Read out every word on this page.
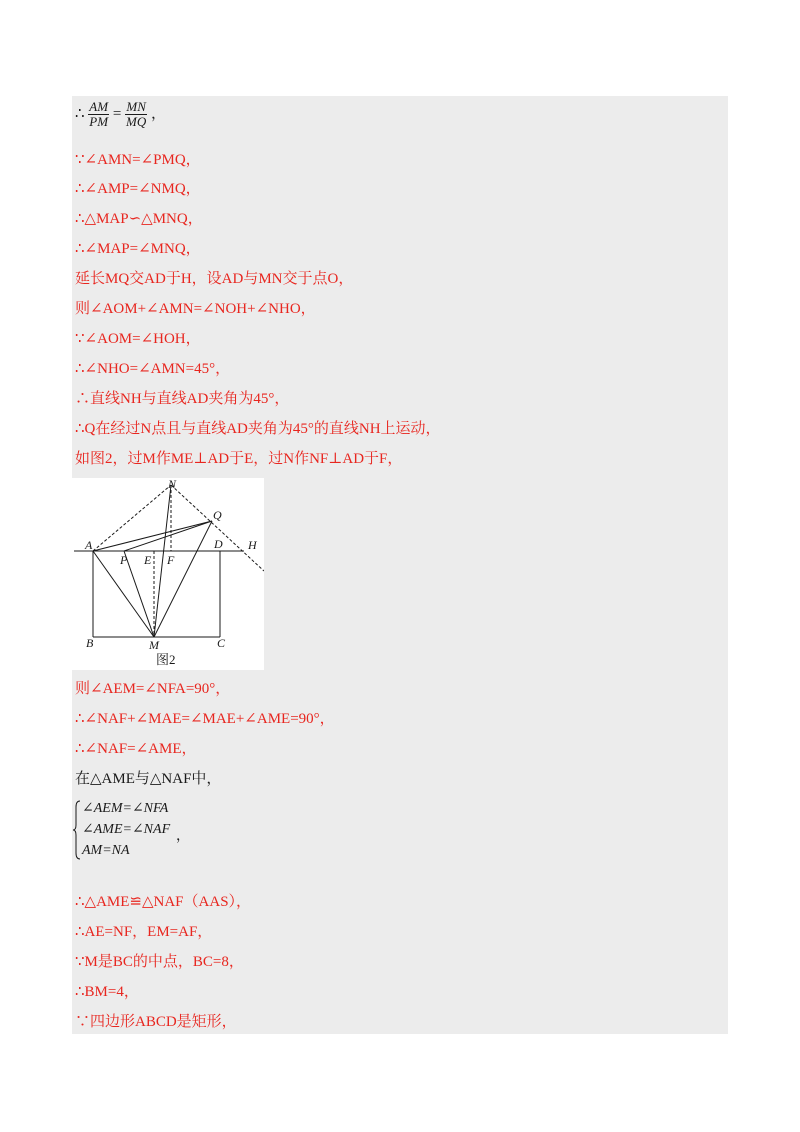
∴ $\frac{AM}{PM} = \frac{MN}{MQ}$ ，
∵∠AMN=∠PMQ，
∴∠AMP=∠NMQ，
∴△MAP∽△MNQ，
∴∠MAP=∠MNQ，
延长MQ交AD于H，设AD与MN交于点O，
则∠AOM+∠AMN=∠NOH+∠NHO，
∵∠AOM=∠HOH，
∴∠NHO=∠AMN=45°，
∴直线NH与直线AD夹角为45°，
∴Q在经过N点且与直线AD夹角为45°的直线NH上运动，
如图2，过M作ME⊥AD于E，过N作NF⊥AD于F，
N
Q
A	D H
P E F
B	M	C
图2
则∠AEM=∠NFA=90°，
∴∠NAF+∠MAE=∠MAE+∠AME=90°，
∴∠NAF=∠AME，
在△AME与△NAF中，
∠AEM=∠NFA
∠AME=∠NAF
AM=NA
，
∴△AME≌△NAF（AAS），
∴AE=NF，EM=AF，
∵M是BC的中点，BC=8，
∴BM=4，
∵四边形ABCD是矩形，
